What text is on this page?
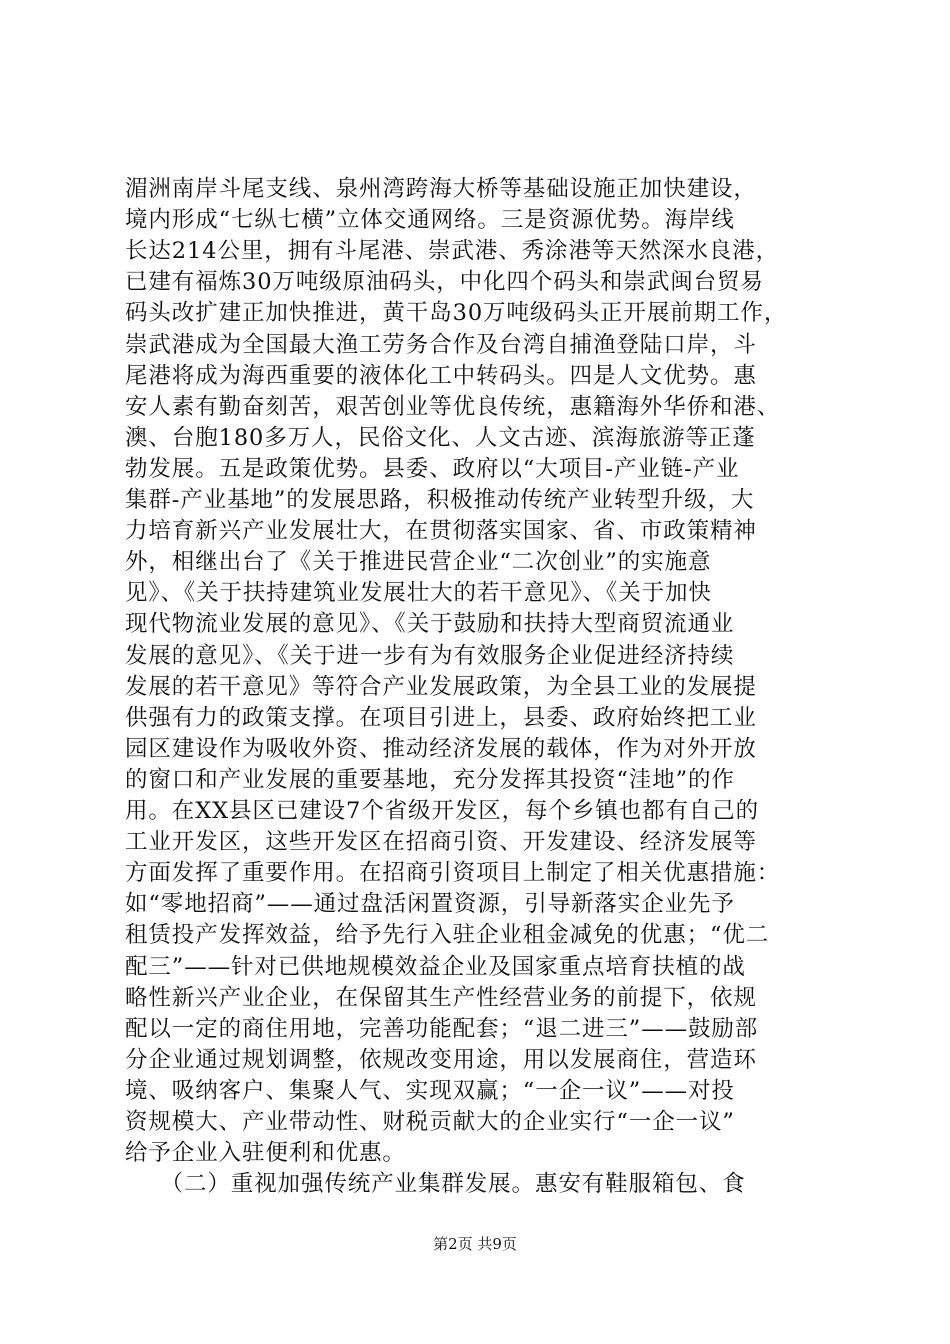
湄洲南岸斗尾支线、泉州湾跨海大桥等基础设施正加快建设，
境内形成“七纵七横”立体交通网络。三是资源优势。海岸线
长达214公里，拥有斗尾港、崇武港、秀涂港等天然深水良港，
已建有福炼30万吨级原油码头，中化四个码头和崇武闽台贸易
码头改扩建正加快推进，黄干岛30万吨级码头正开展前期工作，
崇武港成为全国最大渔工劳务合作及台湾自捕渔登陆口岸，斗
尾港将成为海西重要的液体化工中转码头。四是人文优势。惠
安人素有勤奋刻苦，艰苦创业等优良传统，惠籍海外华侨和港、
澳、台胞180多万人，民俗文化、人文古迹、滨海旅游等正蓬
勃发展。五是政策优势。县委、政府以“大项目-产业链-产业
集群-产业基地”的发展思路，积极推动传统产业转型升级，大
力培育新兴产业发展壮大，在贯彻落实国家、省、市政策精神
外，相继出台了《关于推进民营企业“二次创业”的实施意
见》、《关于扶持建筑业发展壮大的若干意见》、《关于加快
现代物流业发展的意见》、《关于鼓励和扶持大型商贸流通业
发展的意见》、《关于进一步有为有效服务企业促进经济持续
发展的若干意见》等符合产业发展政策，为全县工业的发展提
供强有力的政策支撑。在项目引进上，县委、政府始终把工业
园区建设作为吸收外资、推动经济发展的载体，作为对外开放
的窗口和产业发展的重要基地，充分发挥其投资“洼地”的作
用。在XX县区已建设7个省级开发区，每个乡镇也都有自己的
工业开发区，这些开发区在招商引资、开发建设、经济发展等
方面发挥了重要作用。在招商引资项目上制定了相关优惠措施：
如“零地招商”——通过盘活闲置资源，引导新落实企业先予
租赁投产发挥效益，给予先行入驻企业租金减免的优惠；“优二
配三”——针对已供地规模效益企业及国家重点培育扶植的战
略性新兴产业企业，在保留其生产性经营业务的前提下，依规
配以一定的商住用地，完善功能配套；“退二进三”——鼓励部
分企业通过规划调整，依规改变用途，用以发展商住，营造环
境、吸纳客户、集聚人气、实现双赢；“一企一议”——对投
资规模大、产业带动性、财税贡献大的企业实行“一企一议”
给予企业入驻便利和优惠。
　　（二）重视加强传统产业集群发展。惠安有鞋服箱包、食
第2页 共9页
